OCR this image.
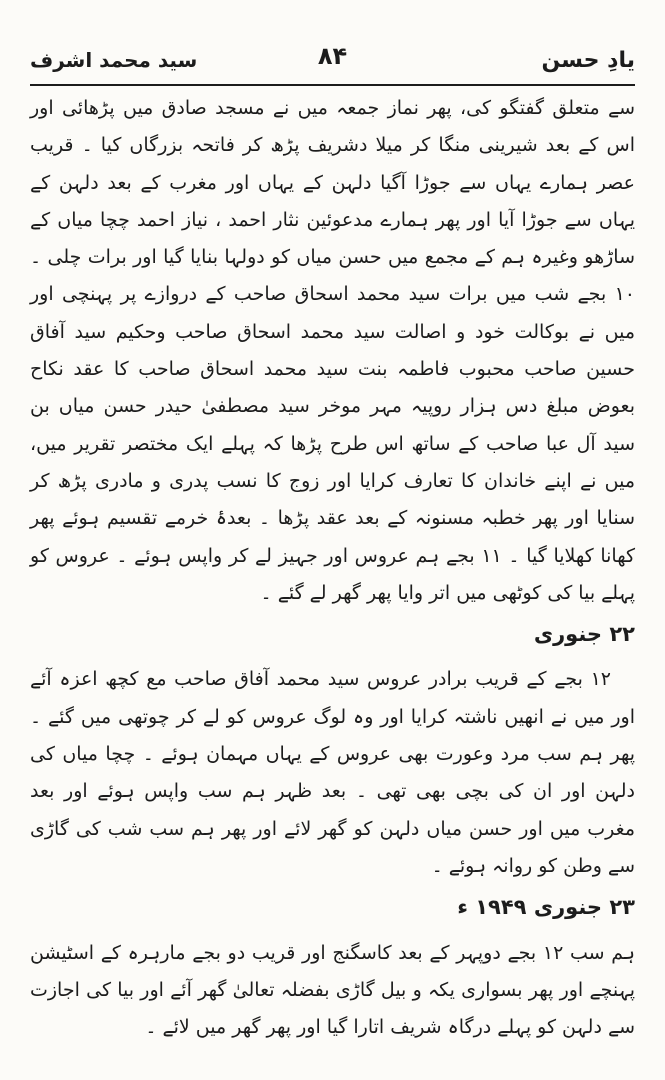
یادِ حسن
۸۴
سید محمد اشرف

سے متعلق گفتگو کی، پھر نماز جمعہ میں نے مسجد صادق میں پڑھائی اور اس کے بعد شیرینی منگا کر میلا دشریف پڑھ کر فاتحہ بزرگاں کیا ۔ قریب عصر ہمارے یہاں سے جوڑا آگیا دلہن کے یہاں اور مغرب کے بعد دلہن کے یہاں سے جوڑا آیا اور پھر ہمارے مدعوئین نثار احمد ، نیاز احمد چچا میاں کے ساڑھو وغیرہ ہم کے مجمع میں حسن میاں کو دولہا بنایا گیا اور برات چلی ۔ ۱۰ بجے شب میں برات سید محمد اسحاق صاحب کے دروازے پر پہنچی اور میں نے بوکالت خود و اصالت سید محمد اسحاق صاحب وحکیم سید آفاق حسین صاحب محبوب فاطمہ بنت سید محمد اسحاق صاحب کا عقد نکاح بعوض مبلغ دس ہزار روپیہ مہر موخر سید مصطفیٰ حیدر حسن میاں بن سید آل عبا صاحب کے ساتھ اس طرح پڑھا کہ پہلے ایک مختصر تقریر میں، میں نے اپنے خاندان کا تعارف کرایا اور زوج کا نسب پدری و مادری پڑھ کر سنایا اور پھر خطبہ مسنونہ کے بعد عقد پڑھا ۔ بعدۂ خرمے تقسیم ہوئے پھر کھانا کھلایا گیا ۔ ۱۱ بجے ہم عروس اور جہیز لے کر واپس ہوئے ۔ عروس کو پہلے بیا کی کوٹھی میں اتر وایا پھر گھر لے گئے ۔

۲۲ جنوری

۱۲ بجے کے قریب برادر عروس سید محمد آفاق صاحب مع کچھ اعزہ آئے اور میں نے انھیں ناشتہ کرایا اور وہ لوگ عروس کو لے کر چوتھی میں گئے ۔ پھر ہم سب مرد وعورت بھی عروس کے یہاں مہمان ہوئے ۔ چچا میاں کی دلہن اور ان کی بچی بھی تھی ۔ بعد ظہر ہم سب واپس ہوئے اور بعد مغرب میں اور حسن میاں دلہن کو گھر لائے اور پھر ہم سب شب کی گاڑی سے وطن کو روانہ ہوئے ۔

۲۳ جنوری ۱۹۴۹ ء

ہم سب ۱۲ بجے دوپہر کے بعد کاسگنج اور قریب دو بجے مارہرہ کے اسٹیشن پہنچے اور پھر بسواری یکہ و بیل گاڑی بفضلہ تعالیٰ گھر آئے اور بیا کی اجازت سے دلہن کو پہلے درگاہ شریف اتارا گیا اور پھر گھر میں لائے ۔
